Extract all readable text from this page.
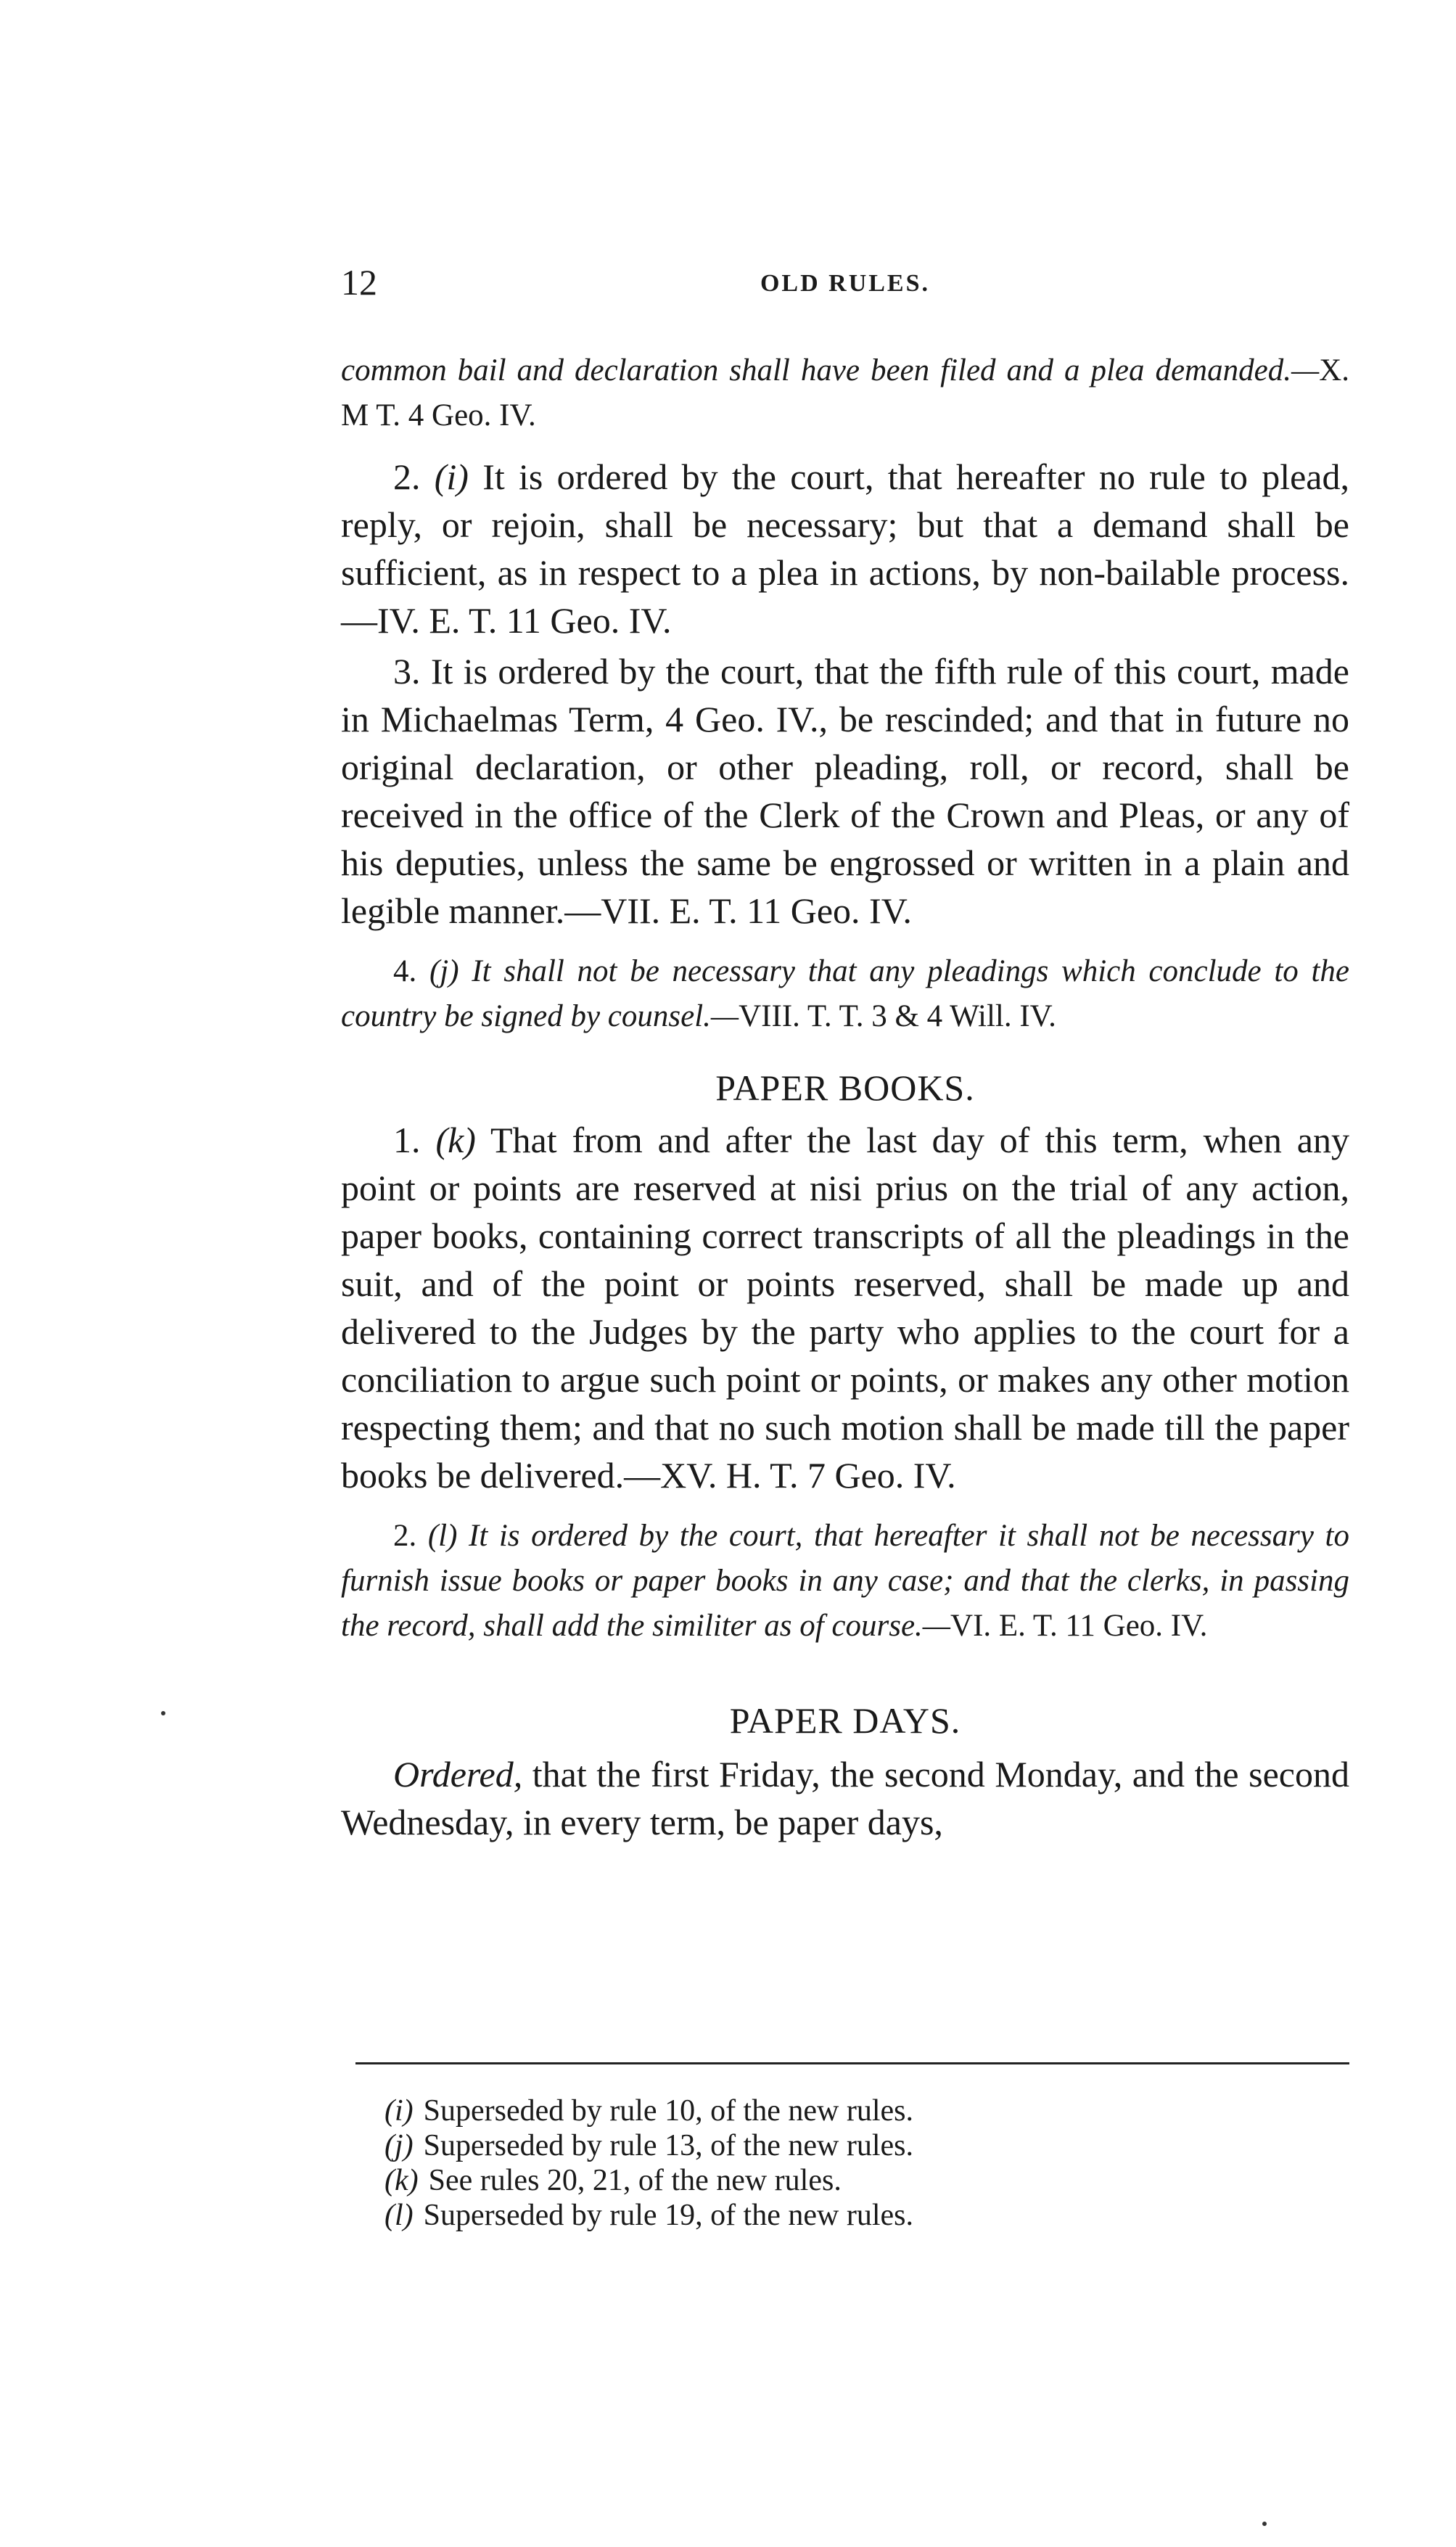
12	OLD RULES.

common bail and declaration shall have been filed and a plea demanded.—X. M T. 4 Geo. IV.

2. (i) It is ordered by the court, that hereafter no rule to plead, reply, or rejoin, shall be necessary; but that a demand shall be sufficient, as in respect to a plea in actions, by non-bailable process.—IV. E. T. 11 Geo. IV.

3. It is ordered by the court, that the fifth rule of this court, made in Michaelmas Term, 4 Geo. IV., be rescinded; and that in future no original declaration, or other pleading, roll, or record, shall be received in the office of the Clerk of the Crown and Pleas, or any of his deputies, unless the same be engrossed or written in a plain and legible manner.—VII. E. T. 11 Geo. IV.

4. (j) It shall not be necessary that any pleadings which conclude to the country be signed by counsel.—VIII. T. T. 3 & 4 Will. IV.

PAPER BOOKS.

1. (k) That from and after the last day of this term, when any point or points are reserved at nisi prius on the trial of any action, paper books, containing correct transcripts of all the pleadings in the suit, and of the point or points reserved, shall be made up and delivered to the Judges by the party who applies to the court for a conciliation to argue such point or points, or makes any other motion respecting them; and that no such motion shall be made till the paper books be delivered.—XV. H. T. 7 Geo. IV.

2. (l) It is ordered by the court, that hereafter it shall not be necessary to furnish issue books or paper books in any case; and that the clerks, in passing the record, shall add the similiter as of course.—VI. E. T. 11 Geo. IV.

PAPER DAYS.

Ordered, that the first Friday, the second Monday, and the second Wednesday, in every term, be paper days,

(i) Superseded by rule 10, of the new rules.
(j) Superseded by rule 13, of the new rules.
(k) See rules 20, 21, of the new rules.
(l) Superseded by rule 19, of the new rules.
